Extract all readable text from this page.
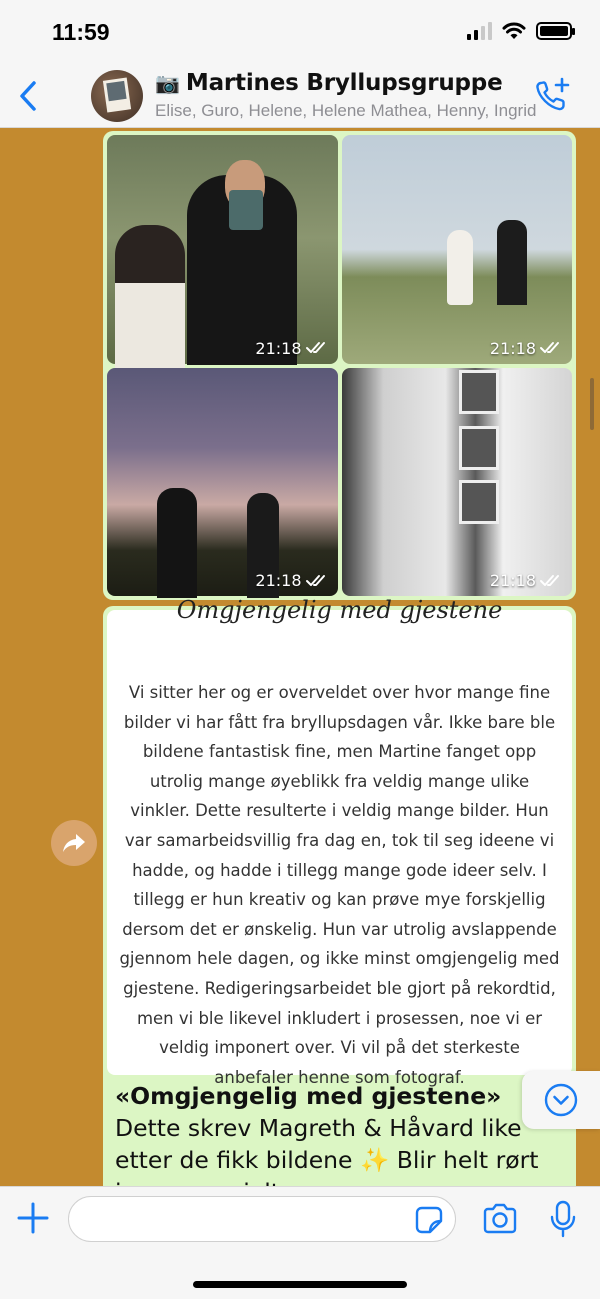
11:59
📷 Martines Bryllupsgruppe
Elise, Guro, Helene, Helene Mathea, Henny, Ingrid
21:18	21:18
21:18	21:18
Omgjengelig med gjestene
Vi sitter her og er overveldet over hvor mange fine bilder vi har fått fra bryllupsdagen vår. Ikke bare ble bildene fantastisk fine, men Martine fanget opp utrolig mange øyeblikk fra veldig mange ulike vinkler. Dette resulterte i veldig mange bilder. Hun var samarbeidsvillig fra dag en, tok til seg ideene vi hadde, og hadde i tillegg mange gode ideer selv. I tillegg er hun kreativ og kan prøve mye forskjellig dersom det er ønskelig. Hun var utrolig avslappende gjennom hele dagen, og ikke minst omgjengelig med gjestene. Redigeringsarbeidet ble gjort på rekordtid, men vi ble likevel inkludert i prosessen, noe vi er veldig imponert over. Vi vil på det sterkeste anbefaler henne som fotograf.
«Omgjengelig med gjestene» Dette skrev Magreth & Håvard like etter de fikk bildene ✨ Blir helt rørt
